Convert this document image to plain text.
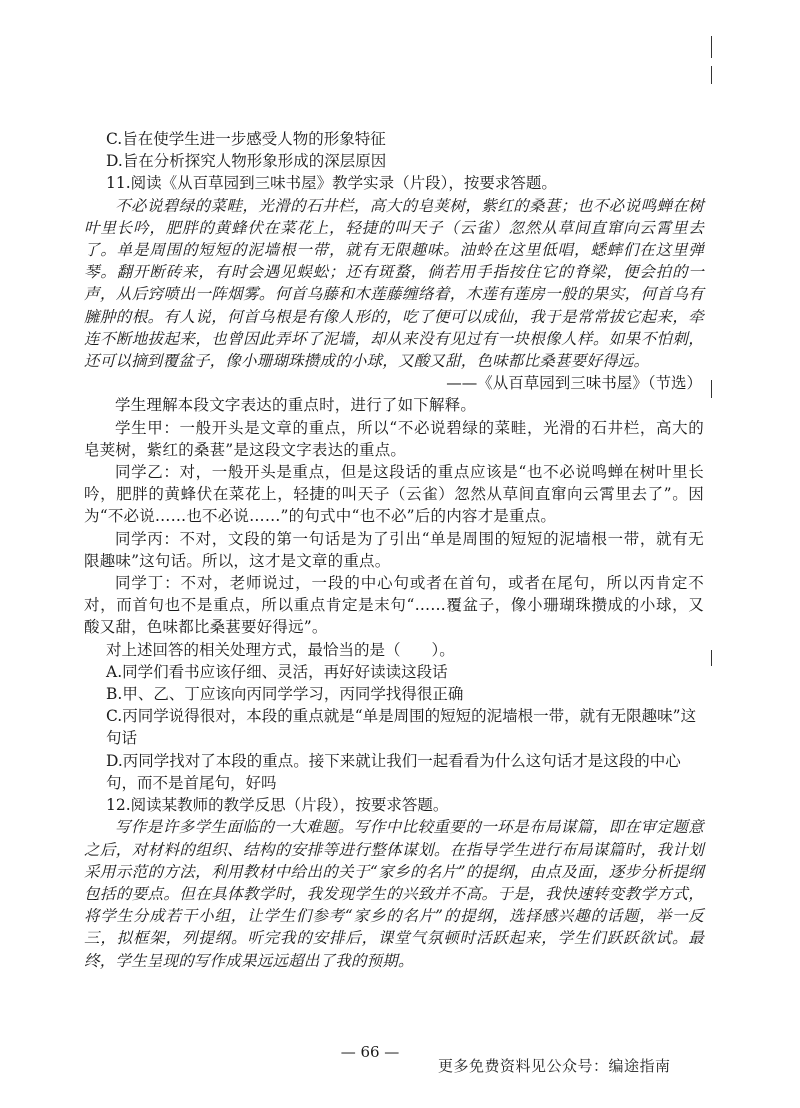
C.旨在使学生进一步感受人物的形象特征

D.旨在分析探究人物形象形成的深层原因

11.阅读《从百草园到三味书屋》教学实录（片段），按要求答题。

不必说碧绿的菜畦，光滑的石井栏，高大的皂荚树，紫红的桑葚；也不必说鸣蝉在树叶里长吟，肥胖的黄蜂伏在菜花上，轻捷的叫天子（云雀）忽然从草间直窜向云霄里去了。单是周围的短短的泥墙根一带，就有无限趣味。油蛉在这里低唱，蟋蟀们在这里弹琴。翻开断砖来，有时会遇见蜈蚣；还有斑蝥，倘若用手指按住它的脊梁，便会拍的一声，从后窍喷出一阵烟雾。何首乌藤和木莲藤缠络着，木莲有莲房一般的果实，何首乌有臃肿的根。有人说，何首乌根是有像人形的，吃了便可以成仙，我于是常常拔它起来，牵连不断地拔起来，也曾因此弄坏了泥墙，却从来没有见过有一块根像人样。如果不怕刺，还可以摘到覆盆子，像小珊瑚珠攒成的小球，又酸又甜，色味都比桑葚要好得远。

——《从百草园到三味书屋》（节选）

学生理解本段文字表达的重点时，进行了如下解释。

学生甲：一般开头是文章的重点，所以“不必说碧绿的菜畦，光滑的石井栏，高大的皂荚树，紫红的桑葚”是这段文字表达的重点。

同学乙：对，一般开头是重点，但是这段话的重点应该是“也不必说鸣蝉在树叶里长吟，肥胖的黄蜂伏在菜花上，轻捷的叫天子（云雀）忽然从草间直窜向云霄里去了”。因为“不必说……也不必说……”的句式中“也不必”后的内容才是重点。

同学丙：不对，文段的第一句话是为了引出“单是周围的短短的泥墙根一带，就有无限趣味”这句话。所以，这才是文章的重点。

同学丁：不对，老师说过，一段的中心句或者在首句，或者在尾句，所以丙肯定不对，而首句也不是重点，所以重点肯定是末句“……覆盆子，像小珊瑚珠攒成的小球，又酸又甜，色味都比桑葚要好得远”。

对上述回答的相关处理方式，最恰当的是（　　）。

A.同学们看书应该仔细、灵活，再好好读读这段话

B.甲、乙、丁应该向丙同学学习，丙同学找得很正确

C.丙同学说得很对，本段的重点就是“单是周围的短短的泥墙根一带，就有无限趣味”这句话

D.丙同学找对了本段的重点。接下来就让我们一起看看为什么这句话才是这段的中心句，而不是首尾句，好吗

12.阅读某教师的教学反思（片段），按要求答题。

写作是许多学生面临的一大难题。写作中比较重要的一环是布局谋篇，即在审定题意之后，对材料的组织、结构的安排等进行整体谋划。在指导学生进行布局谋篇时，我计划采用示范的方法，利用教材中给出的关于“家乡的名片”的提纲，由点及面，逐步分析提纲包括的要点。但在具体教学时，我发现学生的兴致并不高。于是，我快速转变教学方式，将学生分成若干小组，让学生们参考“家乡的名片”的提纲，选择感兴趣的话题，举一反三，拟框架，列提纲。听完我的安排后，课堂气氛顿时活跃起来，学生们跃跃欲试。最终，学生呈现的写作成果远远超出了我的预期。

— 66 —
更多免费资料见公众号：编途指南
